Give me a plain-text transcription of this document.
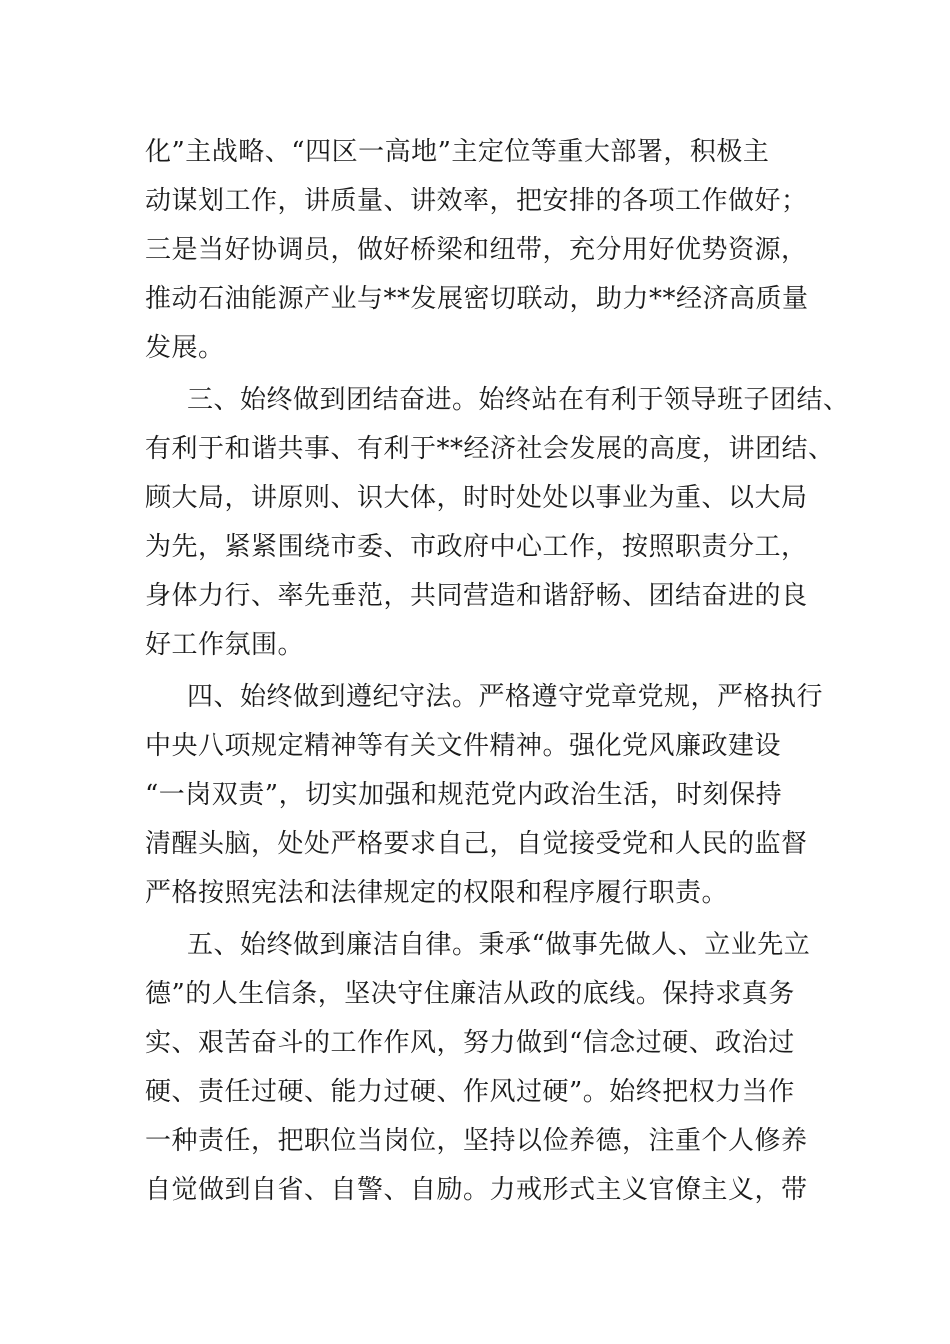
化”主战略、“四区一高地”主定位等重大部署，积极主
动谋划工作，讲质量、讲效率，把安排的各项工作做好；
三是当好协调员，做好桥梁和纽带，充分用好优势资源，
推动石油能源产业与**发展密切联动，助力**经济高质量
发展。
三、始终做到团结奋进。始终站在有利于领导班子团结、
有利于和谐共事、有利于**经济社会发展的高度，讲团结、
顾大局，讲原则、识大体，时时处处以事业为重、以大局
为先，紧紧围绕市委、市政府中心工作，按照职责分工，
身体力行、率先垂范，共同营造和谐舒畅、团结奋进的良
好工作氛围。
四、始终做到遵纪守法。严格遵守党章党规，严格执行
中央八项规定精神等有关文件精神。强化党风廉政建设
“一岗双责”，切实加强和规范党内政治生活，时刻保持
清醒头脑，处处严格要求自己，自觉接受党和人民的监督
严格按照宪法和法律规定的权限和程序履行职责。
五、始终做到廉洁自律。秉承“做事先做人、立业先立
德”的人生信条，坚决守住廉洁从政的底线。保持求真务
实、艰苦奋斗的工作作风，努力做到“信念过硬、政治过
硬、责任过硬、能力过硬、作风过硬”。始终把权力当作
一种责任，把职位当岗位，坚持以俭养德，注重个人修养
自觉做到自省、自警、自励。力戒形式主义官僚主义，带
